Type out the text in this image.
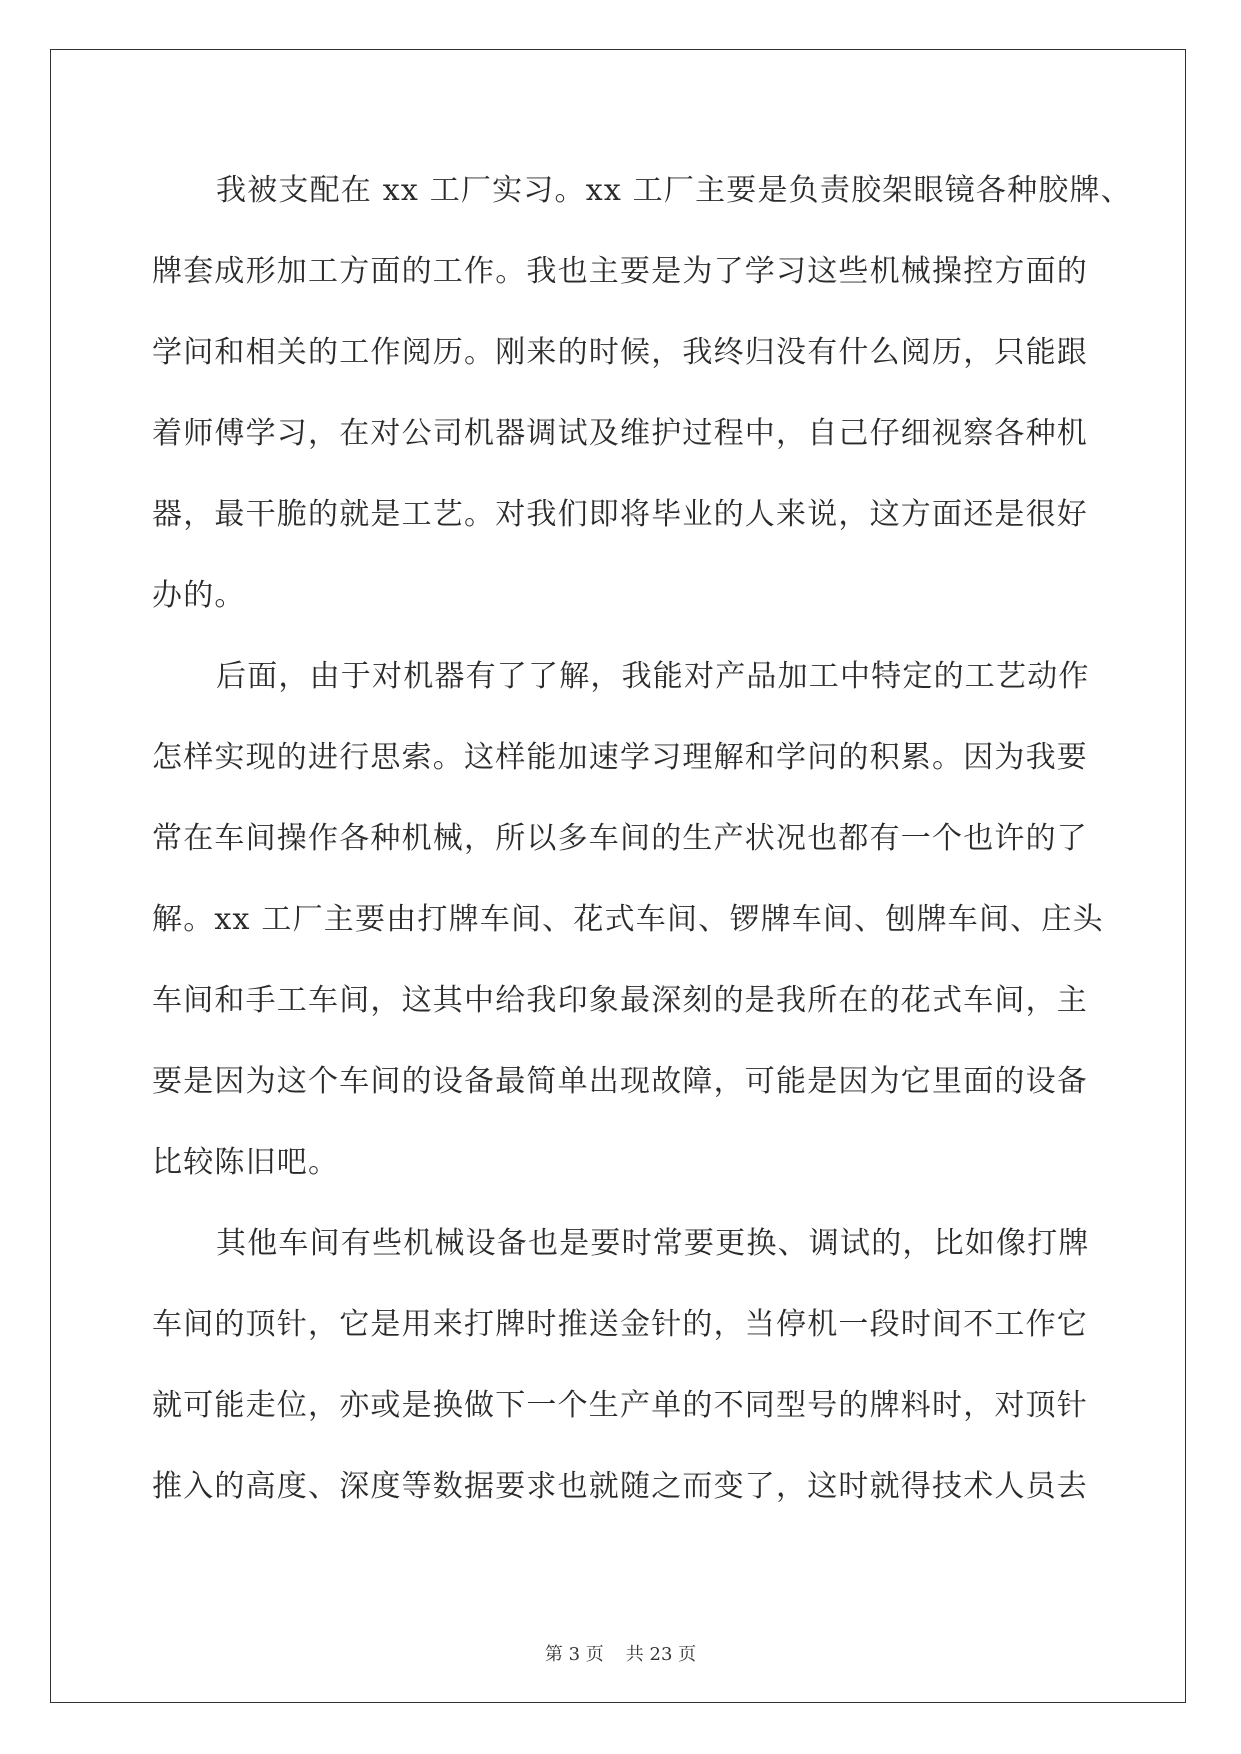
我被支配在 xx 工厂实习。xx 工厂主要是负责胶架眼镜各种胶牌、
牌套成形加工方面的工作。我也主要是为了学习这些机械操控方面的
学问和相关的工作阅历。刚来的时候，我终归没有什么阅历，只能跟
着师傅学习，在对公司机器调试及维护过程中，自己仔细视察各种机
器，最干脆的就是工艺。对我们即将毕业的人来说，这方面还是很好
办的。
后面，由于对机器有了了解，我能对产品加工中特定的工艺动作
怎样实现的进行思索。这样能加速学习理解和学问的积累。因为我要
常在车间操作各种机械，所以多车间的生产状况也都有一个也许的了
解。xx 工厂主要由打牌车间、花式车间、锣牌车间、刨牌车间、庄头
车间和手工车间，这其中给我印象最深刻的是我所在的花式车间，主
要是因为这个车间的设备最简单出现故障，可能是因为它里面的设备
比较陈旧吧。
其他车间有些机械设备也是要时常要更换、调试的，比如像打牌
车间的顶针，它是用来打牌时推送金针的，当停机一段时间不工作它
就可能走位，亦或是换做下一个生产单的不同型号的牌料时，对顶针
推入的高度、深度等数据要求也就随之而变了，这时就得技术人员去
第 3 页 共 23 页
